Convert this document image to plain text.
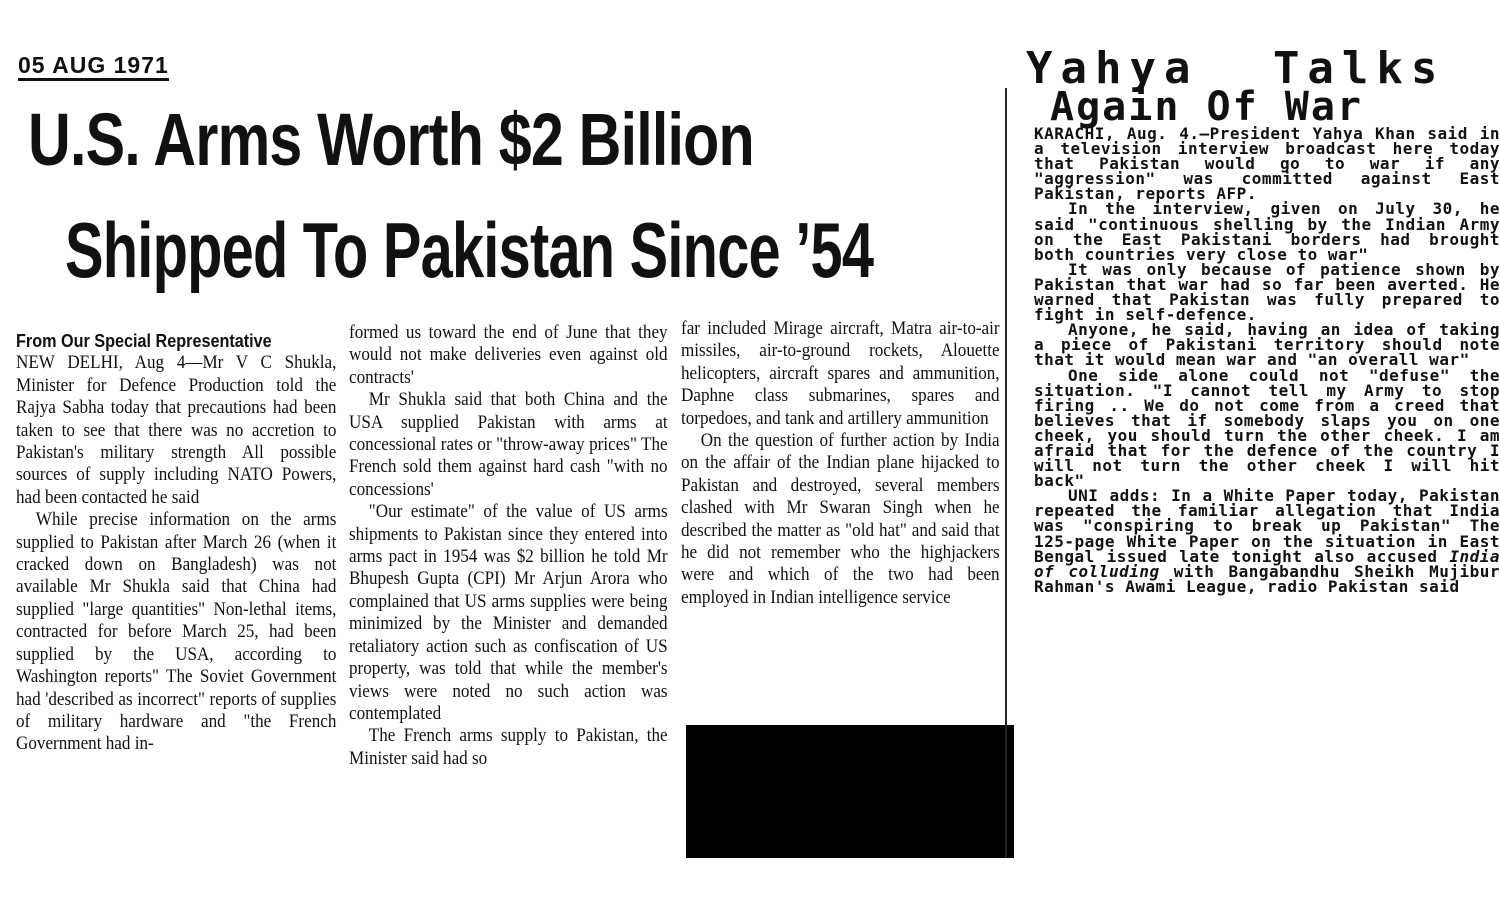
05 AUG 1971
U.S. Arms Worth $2 Billion
Shipped To Pakistan Since ’54
From Our Special Representative

NEW DELHI, Aug 4—Mr V C Shukla, Minister for Defence Production told the Rajya Sabha today that precautions had been taken to see that there was no accretion to Pakistan's military strength All possible sources of supply including NATO Powers, had been contacted he said

While precise information on the arms supplied to Pakistan after March 26 (when it cracked down on Bangladesh) was not available Mr Shukla said that China had supplied "large quantities" Non-lethal items, contracted for before March 25, had been supplied by the USA, according to Washington reports" The Soviet Government had 'described as incorrect" reports of supplies of military hardware and "the French Government had in-

formed us toward the end of June that they would not make deliveries even against old contracts'

Mr Shukla said that both China and the USA supplied Pakistan with arms at concessional rates or "throw-away prices" The French sold them against hard cash "with no concessions'

"Our estimate" of the value of US arms shipments to Pakistan since they entered into arms pact in 1954 was $2 billion he told Mr Bhupesh Gupta (CPI) Mr Arjun Arora who complained that US arms supplies were being minimized by the Minister and demanded retaliatory action such as confiscation of US property, was told that while the member's views were noted no such action was contemplated

The French arms supply to Pakistan, the Minister said had so

far included Mirage aircraft, Matra air-to-air missiles, air-to-ground rockets, Alouette helicopters, aircraft spares and ammunition, Daphne class submarines, spares and torpedoes, and tank and artillery ammunition

On the question of further action by India on the affair of the Indian plane hijacked to Pakistan and destroyed, several members clashed with Mr Swaran Singh when he described the matter as "old hat" and said that he did not remember who the highjackers were and which of the two had been employed in Indian intelligence service

Yahya Talks
Again Of War

KARACHI, Aug. 4.—President Yahya Khan said in a television interview broadcast here today that Pakistan would go to war if any "aggression" was committed against East Pakistan, reports AFP.

In the interview, given on July 30, he said "continuous shelling by the Indian Army on the East Pakistani borders had brought both countries very close to war"

It was only because of patience shown by Pakistan that war had so far been averted. He warned that Pakistan was fully prepared to fight in self-defence.

Anyone, he said, having an idea of taking a piece of Pakistani territory should note that it would mean war and "an overall war"

One side alone could not "defuse" the situation. "I cannot tell my Army to stop firing .. We do not come from a creed that believes that if somebody slaps you on one cheek, you should turn the other cheek. I am afraid that for the defence of the country I will not turn the other cheek I will hit back"

UNI adds: In a White Paper today, Pakistan repeated the familiar allegation that India was "conspiring to break up Pakistan" The 125-page White Paper on the situation in East Bengal issued late tonight also accused India of colluding with Bangabandhu Sheikh Mujibur Rahman's Awami League, radio Pakistan said
